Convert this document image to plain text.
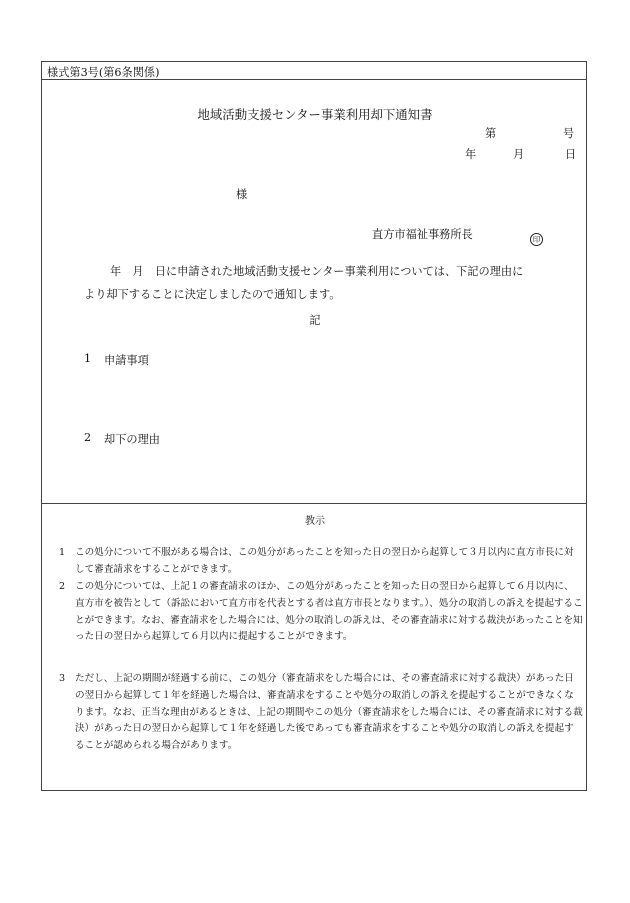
様式第3号(第6条関係)
地域活動支援センター事業利用却下通知書
第	号
年	月	日
様
直方市福祉事務所長	印
年　月　日に申請された地域活動支援センター事業利用については、下記の理由に
より却下することに決定しましたので通知します。
記
1 申請事項
2 却下の理由
教示
1	この処分について不服がある場合は、この処分があったことを知った日の翌日から起算して３月以内に直方市長に対して審査請求をすることができます。
2	この処分については、上記１の審査請求のほか、この処分があったことを知った日の翌日から起算して６月以内に、直方市を被告として（訴訟において直方市を代表とする者は直方市長となります。）、処分の取消しの訴えを提起することができます。なお、審査請求をした場合には、処分の取消しの訴えは、その審査請求に対する裁決があったことを知った日の翌日から起算して６月以内に提起することができます。
3	ただし、上記の期間が経過する前に、この処分（審査請求をした場合には、その審査請求に対する裁決）があった日の翌日から起算して１年を経過した場合は、審査請求をすることや処分の取消しの訴えを提起することができなくなります。なお、正当な理由があるときは、上記の期間やこの処分（審査請求をした場合には、その審査請求に対する裁決）があった日の翌日から起算して１年を経過した後であっても審査請求をすることや処分の取消しの訴えを提起することが認められる場合があります。
